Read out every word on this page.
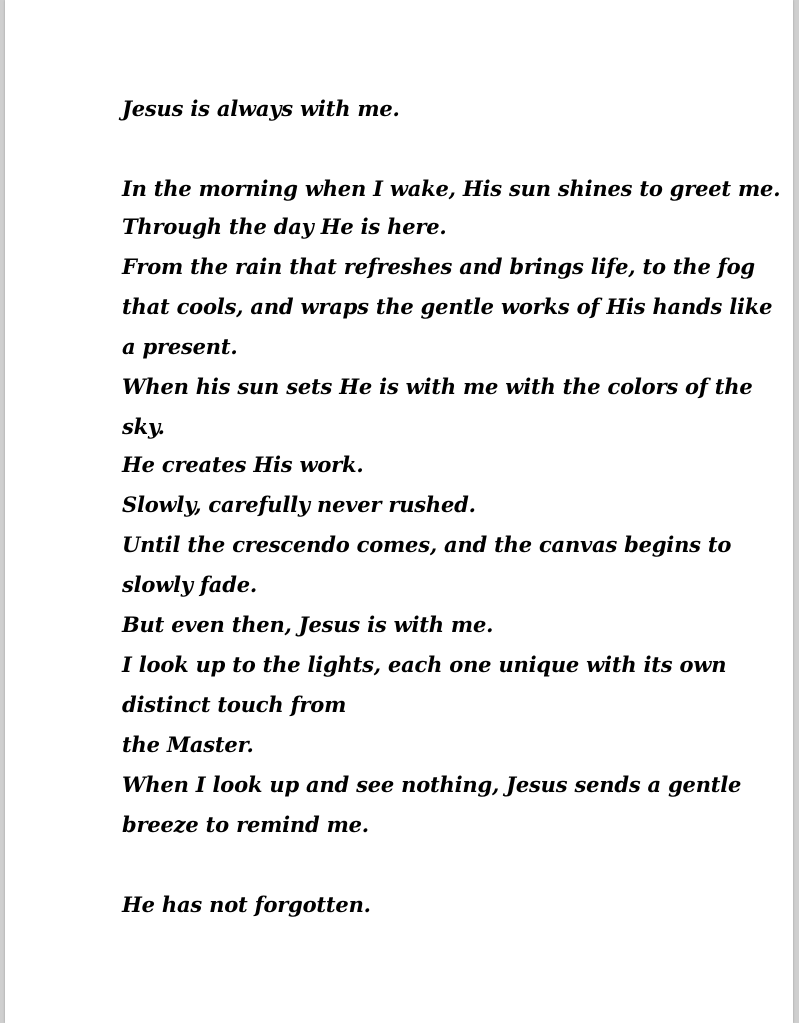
Jesus is always with me.
In the morning when I wake, His sun shines to greet me.
Through the day He is here.
From the rain that refreshes and brings life, to the fog
that cools, and wraps the gentle works of His hands like
a present.
When his sun sets He is with me with the colors of the
sky.
He creates His work.
Slowly, carefully never rushed.
Until the crescendo comes, and the canvas begins to
slowly fade.
But even then, Jesus is with me.
I look up to the lights, each one unique with its own
distinct touch from
the Master.
When I look up and see nothing, Jesus sends a gentle
breeze to remind me.
He has not forgotten.
